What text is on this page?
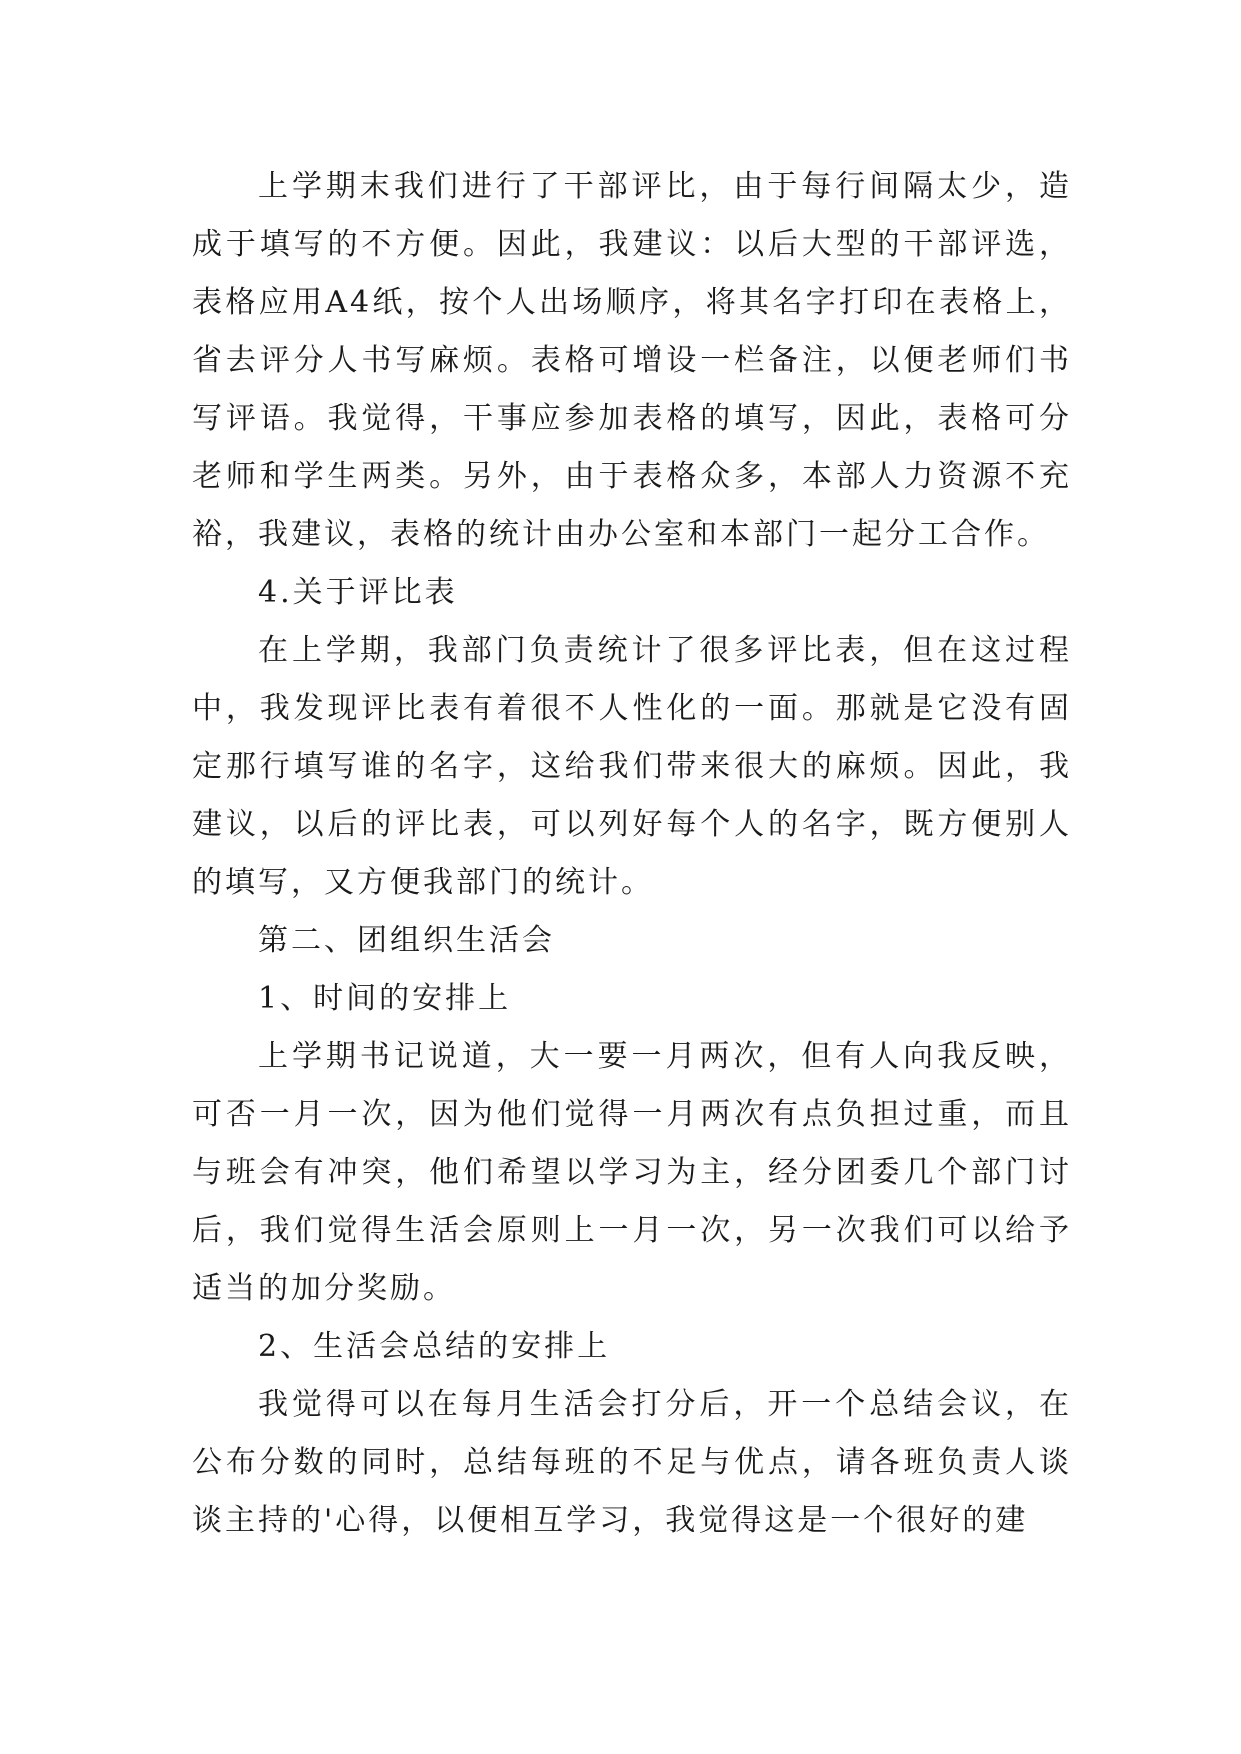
上学期末我们进行了干部评比，由于每行间隔太少，造成于填写的不方便。因此，我建议：以后大型的干部评选，表格应用A4纸，按个人出场顺序，将其名字打印在表格上，省去评分人书写麻烦。表格可增设一栏备注，以便老师们书写评语。我觉得，干事应参加表格的填写，因此，表格可分老师和学生两类。另外，由于表格众多，本部人力资源不充裕，我建议，表格的统计由办公室和本部门一起分工合作。

4.关于评比表

在上学期，我部门负责统计了很多评比表，但在这过程中，我发现评比表有着很不人性化的一面。那就是它没有固定那行填写谁的名字，这给我们带来很大的麻烦。因此，我建议，以后的评比表，可以列好每个人的名字，既方便别人的填写，又方便我部门的统计。

第二、团组织生活会

1、时间的安排上

上学期书记说道，大一要一月两次，但有人向我反映，可否一月一次，因为他们觉得一月两次有点负担过重，而且与班会有冲突，他们希望以学习为主，经分团委几个部门讨后，我们觉得生活会原则上一月一次，另一次我们可以给予适当的加分奖励。

2、生活会总结的安排上

我觉得可以在每月生活会打分后，开一个总结会议，在公布分数的同时，总结每班的不足与优点，请各班负责人谈谈主持的'心得，以便相互学习，我觉得这是一个很好的建
